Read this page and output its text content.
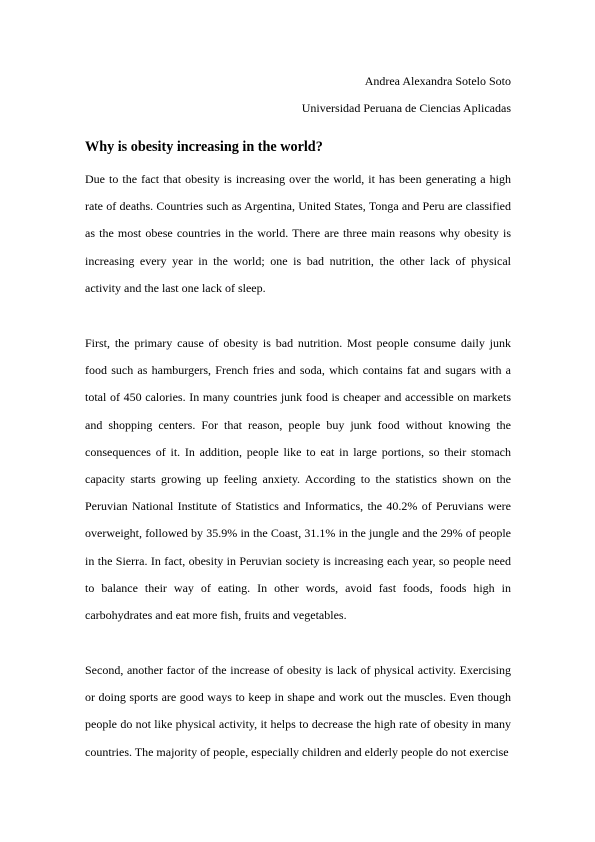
Andrea Alexandra Sotelo Soto
Universidad Peruana de Ciencias Aplicadas
Why is obesity increasing in the world?

Due to the fact that obesity is increasing over the world, it has been generating a high rate of deaths. Countries such as Argentina, United States, Tonga and Peru are classified as the most obese countries in the world. There are three main reasons why obesity is increasing every year in the world; one is bad nutrition, the other lack of physical activity and the last one lack of sleep.

First, the primary cause of obesity is bad nutrition. Most people consume daily junk food such as hamburgers, French fries and soda, which contains fat and sugars with a total of 450 calories. In many countries junk food is cheaper and accessible on markets and shopping centers. For that reason, people buy junk food without knowing the consequences of it. In addition, people like to eat in large portions, so their stomach capacity starts growing up feeling anxiety. According to the statistics shown on the Peruvian National Institute of Statistics and Informatics, the 40.2% of Peruvians were overweight, followed by 35.9% in the Coast, 31.1% in the jungle and the 29% of people in the Sierra. In fact, obesity in Peruvian society is increasing each year, so people need to balance their way of eating. In other words, avoid fast foods, foods high in carbohydrates and eat more fish, fruits and vegetables.

Second, another factor of the increase of obesity is lack of physical activity. Exercising or doing sports are good ways to keep in shape and work out the muscles. Even though people do not like physical activity, it helps to decrease the high rate of obesity in many countries. The majority of people, especially children and elderly people do not exercise
